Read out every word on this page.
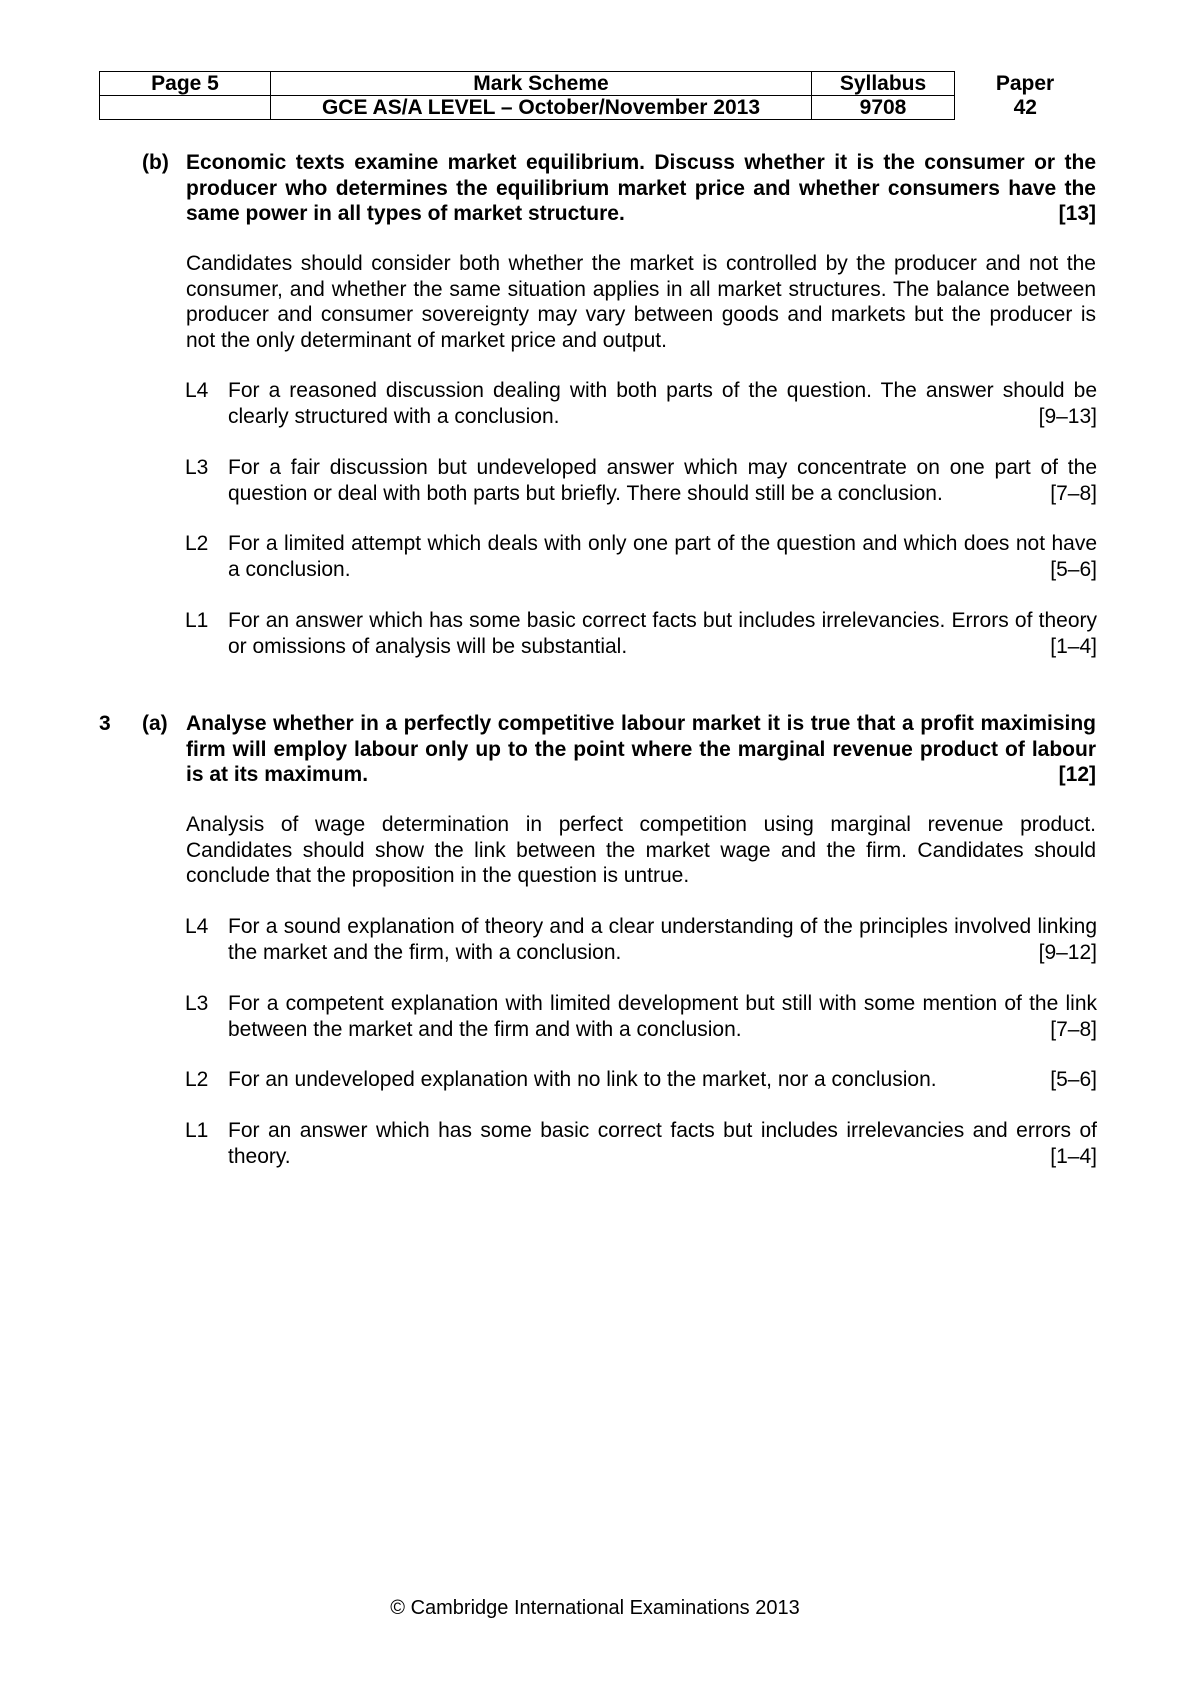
Page 5	Mark Scheme	Syllabus	Paper
	GCE AS/A LEVEL – October/November 2013	9708	42
(b) Economic texts examine market equilibrium. Discuss whether it is the consumer or the producer who determines the equilibrium market price and whether consumers have the same power in all types of market structure.	[13]
Candidates should consider both whether the market is controlled by the producer and not the consumer, and whether the same situation applies in all market structures. The balance between producer and consumer sovereignty may vary between goods and markets but the producer is not the only determinant of market price and output.
L4 For a reasoned discussion dealing with both parts of the question. The answer should be clearly structured with a conclusion.	[9–13]
L3 For a fair discussion but undeveloped answer which may concentrate on one part of the question or deal with both parts but briefly. There should still be a conclusion.	[7–8]
L2 For a limited attempt which deals with only one part of the question and which does not have a conclusion.	[5–6]
L1 For an answer which has some basic correct facts but includes irrelevancies. Errors of theory or omissions of analysis will be substantial.	[1–4]
3 (a) Analyse whether in a perfectly competitive labour market it is true that a profit maximising firm will employ labour only up to the point where the marginal revenue product of labour is at its maximum.	[12]
Analysis of wage determination in perfect competition using marginal revenue product. Candidates should show the link between the market wage and the firm. Candidates should conclude that the proposition in the question is untrue.
L4 For a sound explanation of theory and a clear understanding of the principles involved linking the market and the firm, with a conclusion.	[9–12]
L3 For a competent explanation with limited development but still with some mention of the link between the market and the firm and with a conclusion.	[7–8]
L2 For an undeveloped explanation with no link to the market, nor a conclusion.	[5–6]
L1 For an answer which has some basic correct facts but includes irrelevancies and errors of theory.	[1–4]
© Cambridge International Examinations 2013
